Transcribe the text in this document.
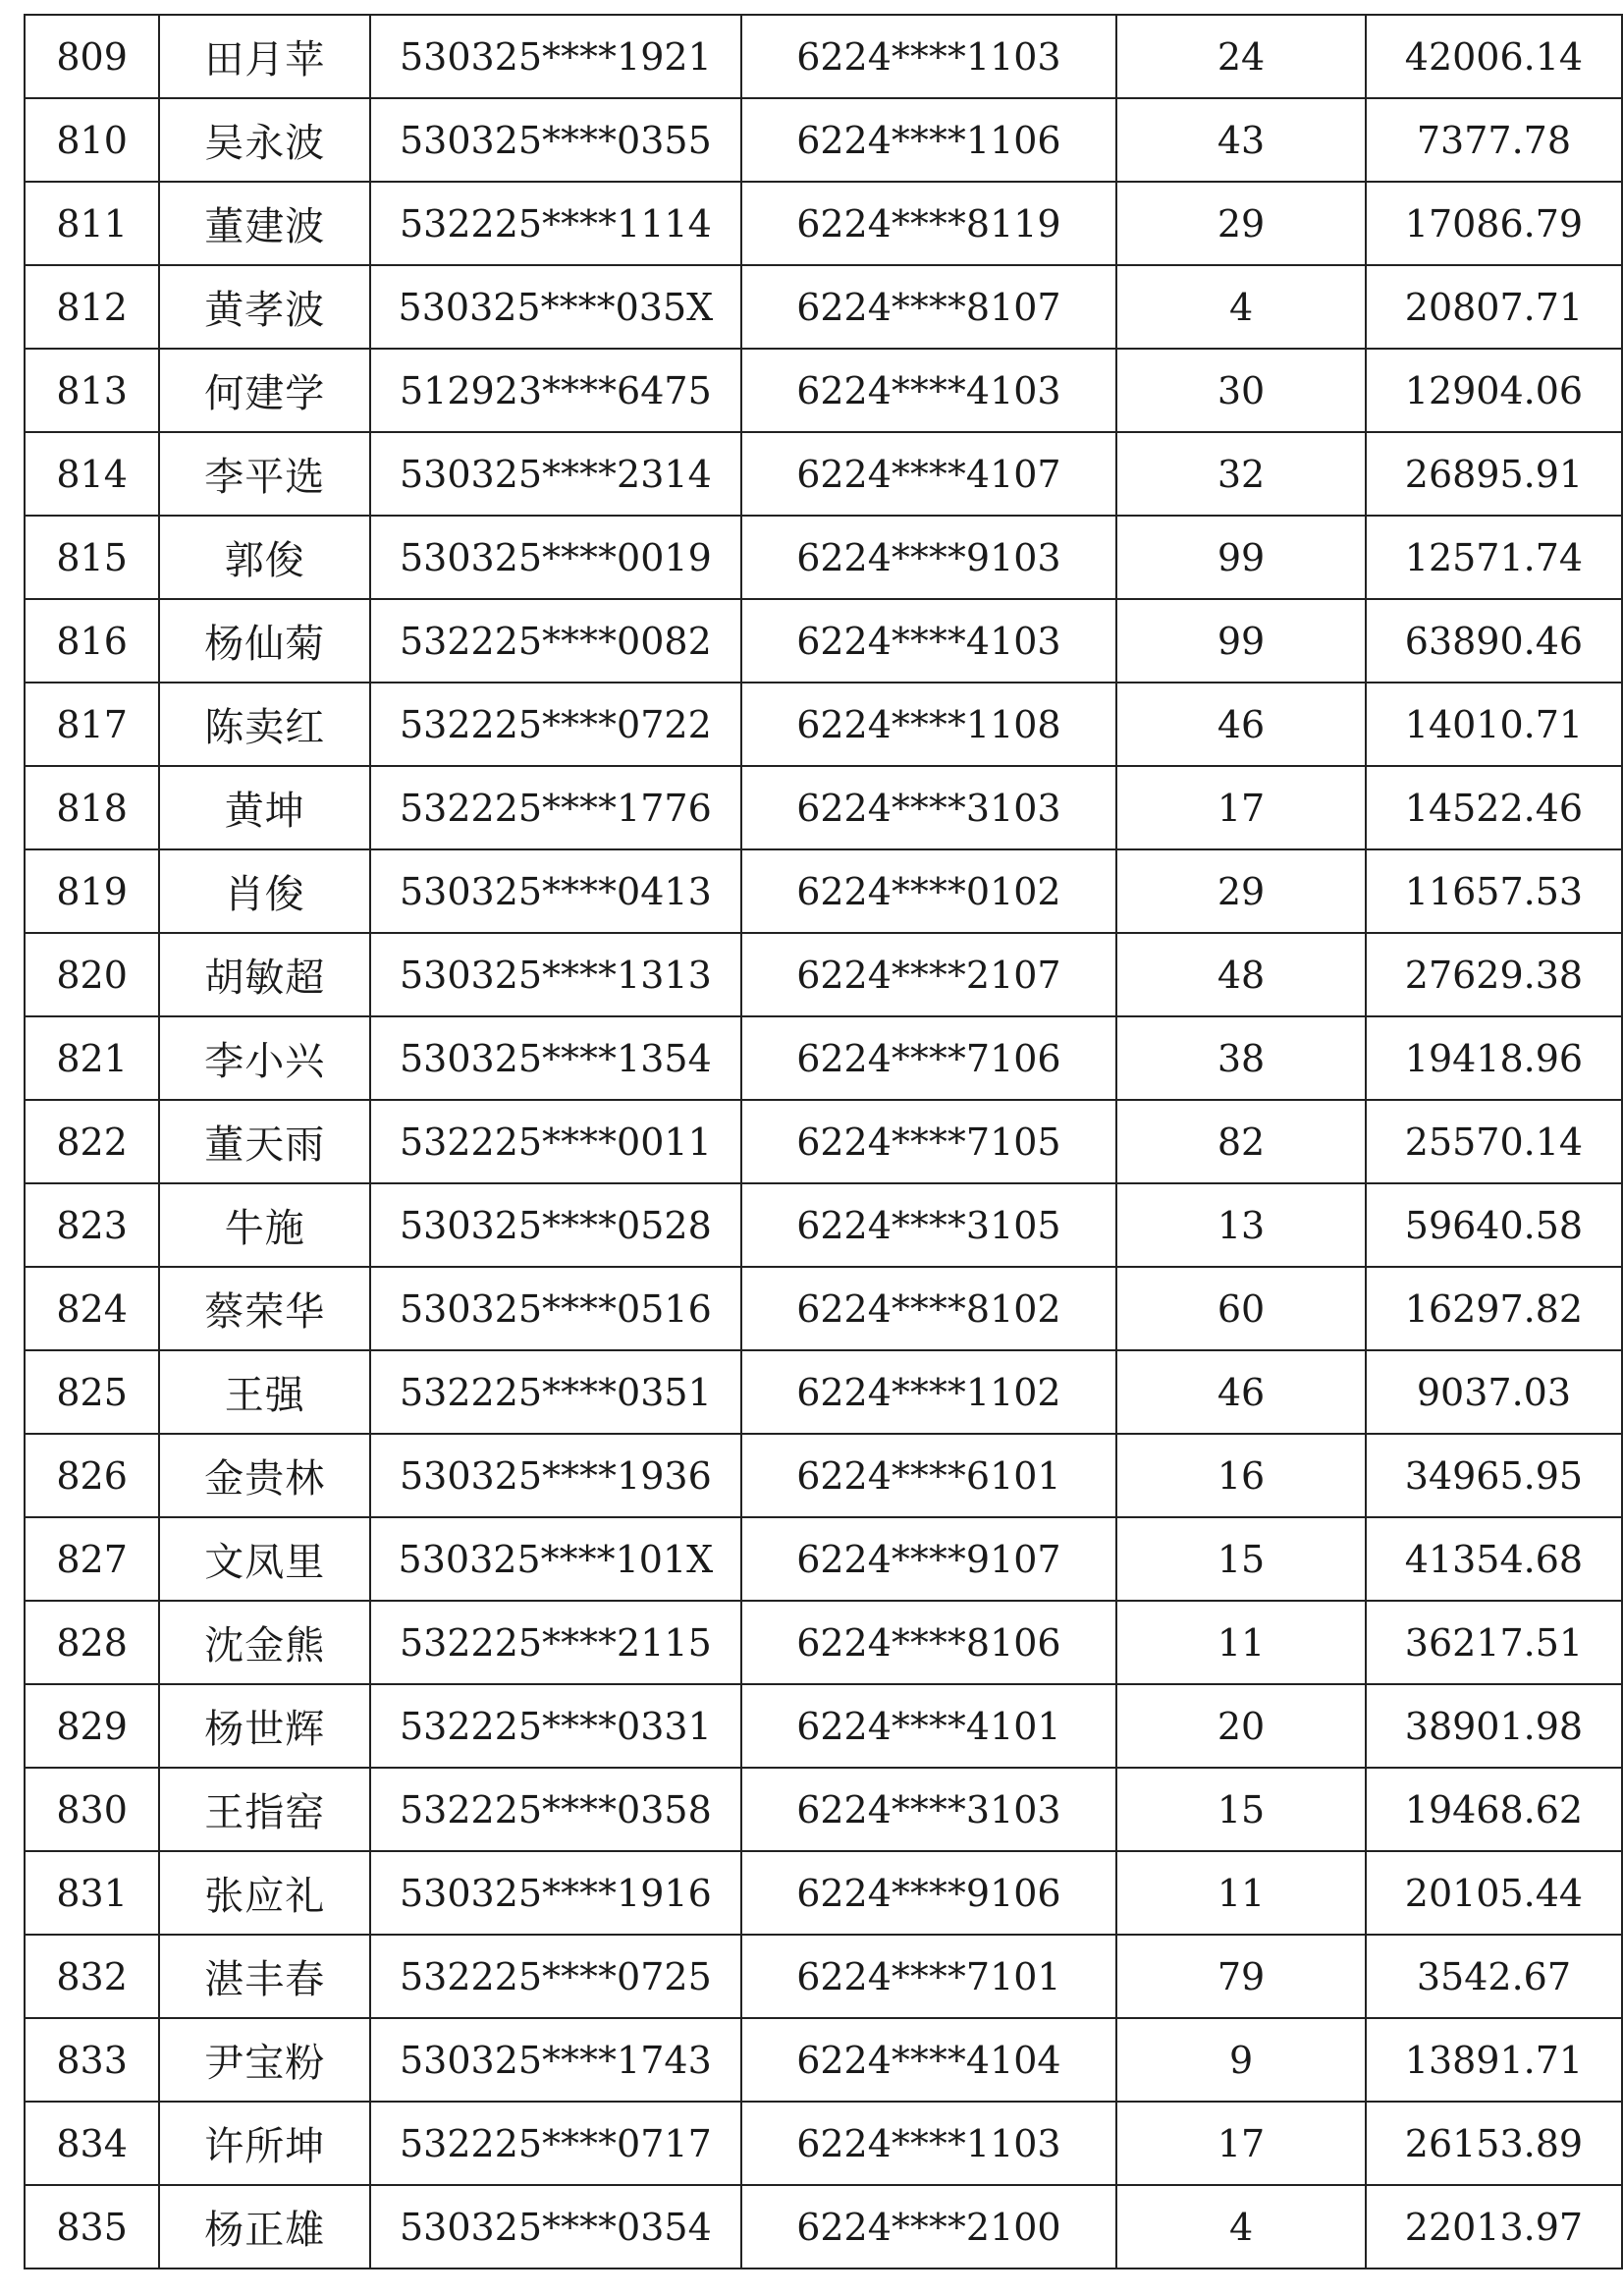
809	田月苹	530325****1921	6224****1103	24	42006.14
810	吴永波	530325****0355	6224****1106	43	7377.78
811	董建波	532225****1114	6224****8119	29	17086.79
812	黄孝波	530325****035X	6224****8107	4	20807.71
813	何建学	512923****6475	6224****4103	30	12904.06
814	李平选	530325****2314	6224****4107	32	26895.91
815	郭俊	530325****0019	6224****9103	99	12571.74
816	杨仙菊	532225****0082	6224****4103	99	63890.46
817	陈卖红	532225****0722	6224****1108	46	14010.71
818	黄坤	532225****1776	6224****3103	17	14522.46
819	肖俊	530325****0413	6224****0102	29	11657.53
820	胡敏超	530325****1313	6224****2107	48	27629.38
821	李小兴	530325****1354	6224****7106	38	19418.96
822	董天雨	532225****0011	6224****7105	82	25570.14
823	牛施	530325****0528	6224****3105	13	59640.58
824	蔡荣华	530325****0516	6224****8102	60	16297.82
825	王强	532225****0351	6224****1102	46	9037.03
826	金贵林	530325****1936	6224****6101	16	34965.95
827	文凤里	530325****101X	6224****9107	15	41354.68
828	沈金熊	532225****2115	6224****8106	11	36217.51
829	杨世辉	532225****0331	6224****4101	20	38901.98
830	王指窑	532225****0358	6224****3103	15	19468.62
831	张应礼	530325****1916	6224****9106	11	20105.44
832	湛丰春	532225****0725	6224****7101	79	3542.67
833	尹宝粉	530325****1743	6224****4104	9	13891.71
834	许所坤	532225****0717	6224****1103	17	26153.89
835	杨正雄	530325****0354	6224****2100	4	22013.97
